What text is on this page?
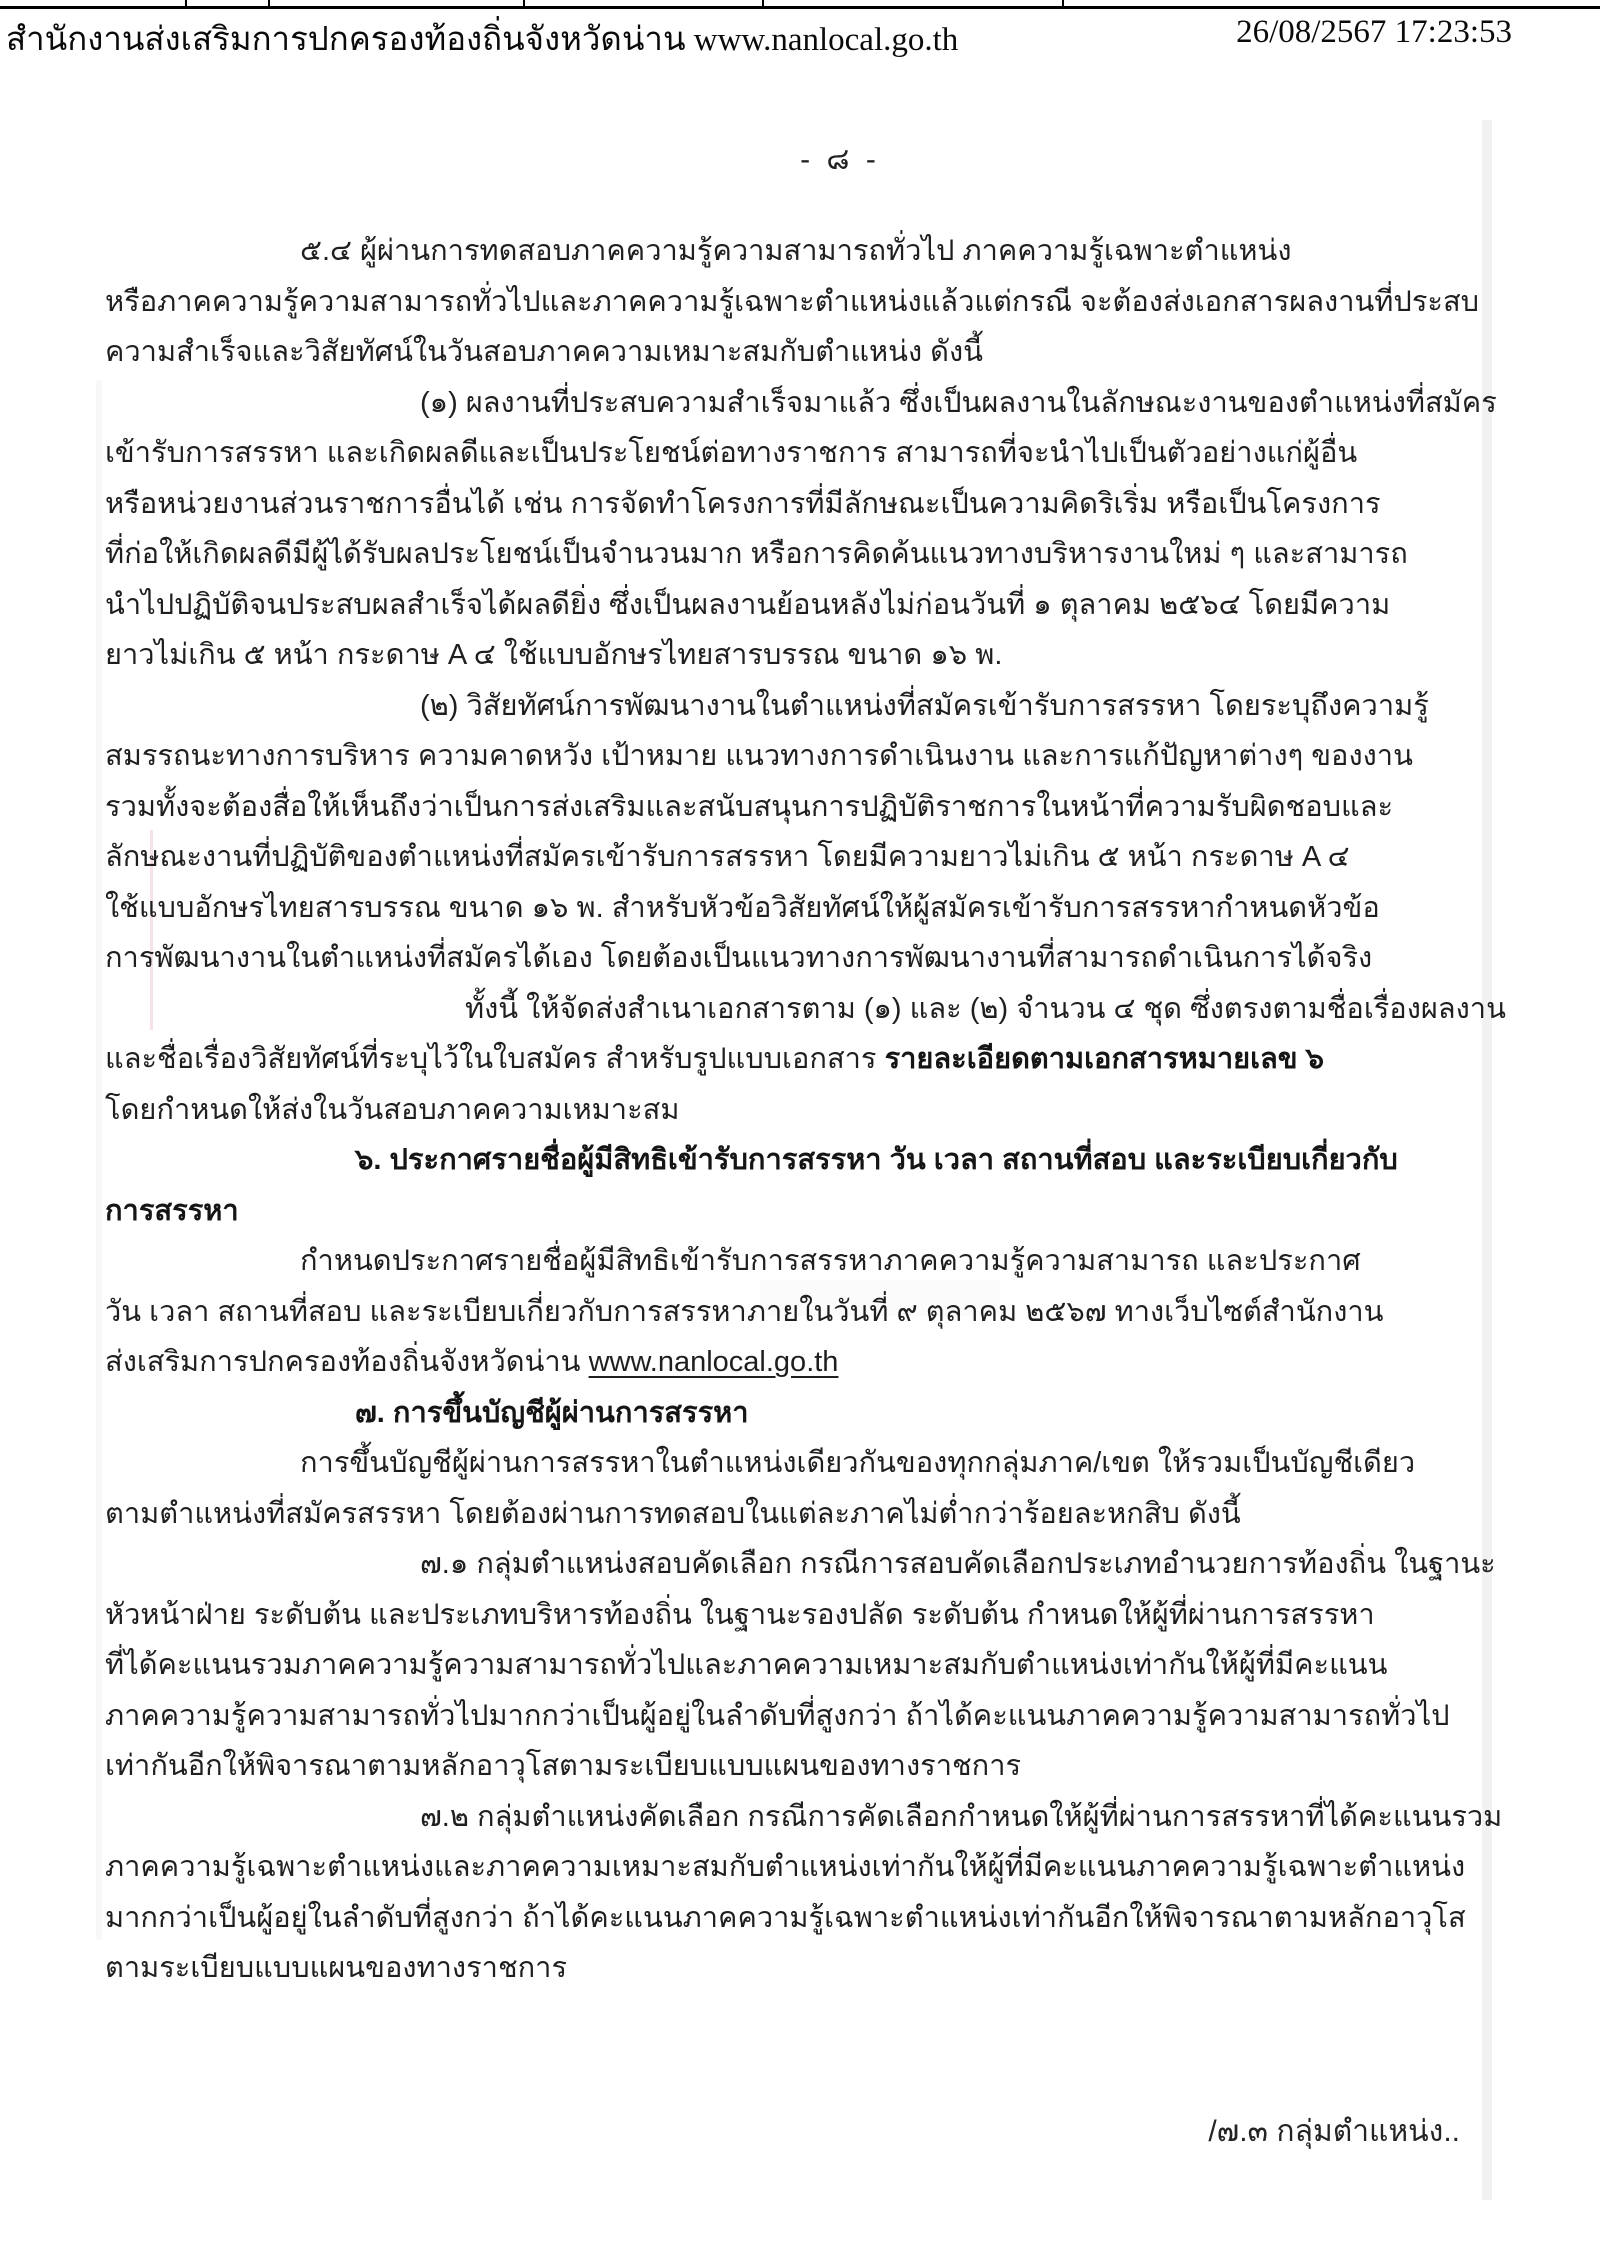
สำนักงานส่งเสริมการปกครองท้องถิ่นจังหวัดน่าน www.nanlocal.go.th	26/08/2567 17:23:53
- ๘ -
๕.๔ ผู้ผ่านการทดสอบภาคความรู้ความสามารถทั่วไป ภาคความรู้เฉพาะตำแหน่ง
หรือภาคความรู้ความสามารถทั่วไปและภาคความรู้เฉพาะตำแหน่งแล้วแต่กรณี จะต้องส่งเอกสารผลงานที่ประสบ
ความสำเร็จและวิสัยทัศน์ในวันสอบภาคความเหมาะสมกับตำแหน่ง ดังนี้
(๑) ผลงานที่ประสบความสำเร็จมาแล้ว ซึ่งเป็นผลงานในลักษณะงานของตำแหน่งที่สมัคร
เข้ารับการสรรหา และเกิดผลดีและเป็นประโยชน์ต่อทางราชการ สามารถที่จะนำไปเป็นตัวอย่างแก่ผู้อื่น
หรือหน่วยงานส่วนราชการอื่นได้ เช่น การจัดทำโครงการที่มีลักษณะเป็นความคิดริเริ่ม หรือเป็นโครงการ
ที่ก่อให้เกิดผลดีมีผู้ได้รับผลประโยชน์เป็นจำนวนมาก หรือการคิดค้นแนวทางบริหารงานใหม่ ๆ และสามารถ
นำไปปฏิบัติจนประสบผลสำเร็จได้ผลดียิ่ง ซึ่งเป็นผลงานย้อนหลังไม่ก่อนวันที่ ๑ ตุลาคม ๒๕๖๔ โดยมีความ
ยาวไม่เกิน ๕ หน้า กระดาษ A ๔ ใช้แบบอักษรไทยสารบรรณ ขนาด ๑๖ พ.
(๒) วิสัยทัศน์การพัฒนางานในตำแหน่งที่สมัครเข้ารับการสรรหา โดยระบุถึงความรู้
สมรรถนะทางการบริหาร ความคาดหวัง เป้าหมาย แนวทางการดำเนินงาน และการแก้ปัญหาต่างๆ ของงาน
รวมทั้งจะต้องสื่อให้เห็นถึงว่าเป็นการส่งเสริมและสนับสนุนการปฏิบัติราชการในหน้าที่ความรับผิดชอบและ
ลักษณะงานที่ปฏิบัติของตำแหน่งที่สมัครเข้ารับการสรรหา โดยมีความยาวไม่เกิน ๕ หน้า กระดาษ A ๔
ใช้แบบอักษรไทยสารบรรณ ขนาด ๑๖ พ. สำหรับหัวข้อวิสัยทัศน์ให้ผู้สมัครเข้ารับการสรรหากำหนดหัวข้อ
การพัฒนางานในตำแหน่งที่สมัครได้เอง โดยต้องเป็นแนวทางการพัฒนางานที่สามารถดำเนินการได้จริง
ทั้งนี้ ให้จัดส่งสำเนาเอกสารตาม (๑) และ (๒) จำนวน ๔ ชุด ซึ่งตรงตามชื่อเรื่องผลงาน
และชื่อเรื่องวิสัยทัศน์ที่ระบุไว้ในใบสมัคร สำหรับรูปแบบเอกสาร รายละเอียดตามเอกสารหมายเลข ๖
โดยกำหนดให้ส่งในวันสอบภาคความเหมาะสม
๖. ประกาศรายชื่อผู้มีสิทธิเข้ารับการสรรหา วัน เวลา สถานที่สอบ และระเบียบเกี่ยวกับ
การสรรหา
กำหนดประกาศรายชื่อผู้มีสิทธิเข้ารับการสรรหาภาคความรู้ความสามารถ และประกาศ
วัน เวลา สถานที่สอบ และระเบียบเกี่ยวกับการสรรหาภายในวันที่ ๙ ตุลาคม ๒๕๖๗ ทางเว็บไซต์สำนักงาน
ส่งเสริมการปกครองท้องถิ่นจังหวัดน่าน www.nanlocal.go.th
๗. การขึ้นบัญชีผู้ผ่านการสรรหา
การขึ้นบัญชีผู้ผ่านการสรรหาในตำแหน่งเดียวกันของทุกกลุ่มภาค/เขต ให้รวมเป็นบัญชีเดียว
ตามตำแหน่งที่สมัครสรรหา โดยต้องผ่านการทดสอบในแต่ละภาคไม่ต่ำกว่าร้อยละหกสิบ ดังนี้
๗.๑ กลุ่มตำแหน่งสอบคัดเลือก กรณีการสอบคัดเลือกประเภทอำนวยการท้องถิ่น ในฐานะ
หัวหน้าฝ่าย ระดับต้น และประเภทบริหารท้องถิ่น ในฐานะรองปลัด ระดับต้น กำหนดให้ผู้ที่ผ่านการสรรหา
ที่ได้คะแนนรวมภาคความรู้ความสามารถทั่วไปและภาคความเหมาะสมกับตำแหน่งเท่ากันให้ผู้ที่มีคะแนน
ภาคความรู้ความสามารถทั่วไปมากกว่าเป็นผู้อยู่ในลำดับที่สูงกว่า ถ้าได้คะแนนภาคความรู้ความสามารถทั่วไป
เท่ากันอีกให้พิจารณาตามหลักอาวุโสตามระเบียบแบบแผนของทางราชการ
๗.๒ กลุ่มตำแหน่งคัดเลือก กรณีการคัดเลือกกำหนดให้ผู้ที่ผ่านการสรรหาที่ได้คะแนนรวม
ภาคความรู้เฉพาะตำแหน่งและภาคความเหมาะสมกับตำแหน่งเท่ากันให้ผู้ที่มีคะแนนภาคความรู้เฉพาะตำแหน่ง
มากกว่าเป็นผู้อยู่ในลำดับที่สูงกว่า ถ้าได้คะแนนภาคความรู้เฉพาะตำแหน่งเท่ากันอีกให้พิจารณาตามหลักอาวุโส
ตามระเบียบแบบแผนของทางราชการ
/๗.๓ กลุ่มตำแหน่ง..
